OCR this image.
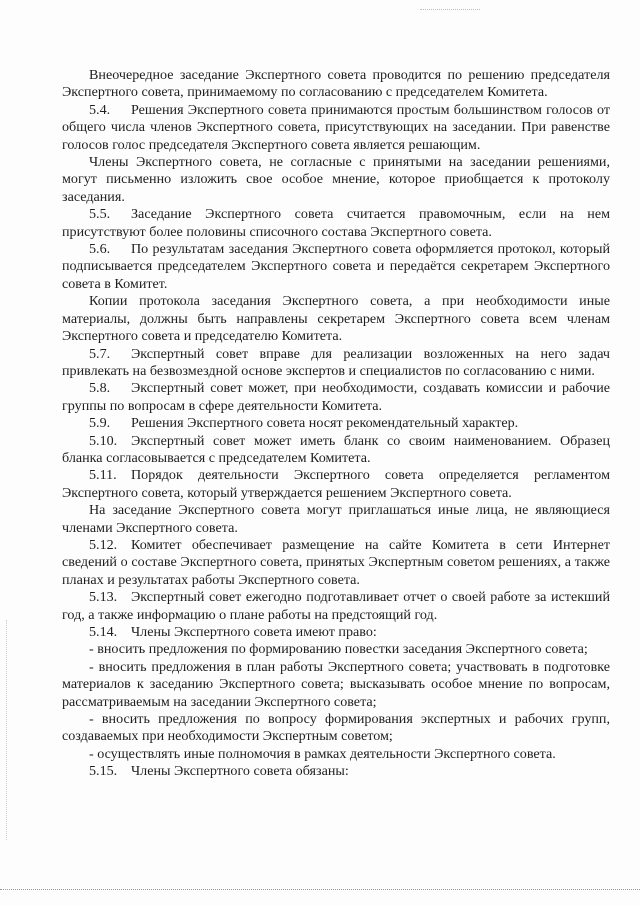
Внеочередное заседание Экспертного совета проводится по решению председателя Экспертного совета, принимаемому по согласованию с председателем Комитета.

5.4. Решения Экспертного совета принимаются простым большинством голосов от общего числа членов Экспертного совета, присутствующих на заседании. При равенстве голосов голос председателя Экспертного совета является решающим.

Члены Экспертного совета, не согласные с принятыми на заседании решениями, могут письменно изложить свое особое мнение, которое приобщается к протоколу заседания.

5.5. Заседание Экспертного совета считается правомочным, если на нем присутствуют более половины списочного состава Экспертного совета.

5.6. По результатам заседания Экспертного совета оформляется протокол, который подписывается председателем Экспертного совета и передаётся секретарем Экспертного совета в Комитет.

Копии протокола заседания Экспертного совета, а при необходимости иные материалы, должны быть направлены секретарем Экспертного совета всем членам Экспертного совета и председателю Комитета.

5.7. Экспертный совет вправе для реализации возложенных на него задач привлекать на безвозмездной основе экспертов и специалистов по согласованию с ними.

5.8. Экспертный совет может, при необходимости, создавать комиссии и рабочие группы по вопросам в сфере деятельности Комитета.

5.9. Решения Экспертного совета носят рекомендательный характер.

5.10. Экспертный совет может иметь бланк со своим наименованием. Образец бланка согласовывается с председателем Комитета.

5.11. Порядок деятельности Экспертного совета определяется регламентом Экспертного совета, который утверждается решением Экспертного совета.

На заседание Экспертного совета могут приглашаться иные лица, не являющиеся членами Экспертного совета.

5.12. Комитет обеспечивает размещение на сайте Комитета в сети Интернет сведений о составе Экспертного совета, принятых Экспертным советом решениях, а также планах и результатах работы Экспертного совета.

5.13. Экспертный совет ежегодно подготавливает отчет о своей работе за истекший год, а также информацию о плане работы на предстоящий год.

5.14. Члены Экспертного совета имеют право:

- вносить предложения по формированию повестки заседания Экспертного совета;

- вносить предложения в план работы Экспертного совета; участвовать в подготовке материалов к заседанию Экспертного совета; высказывать особое мнение по вопросам, рассматриваемым на заседании Экспертного совета;

- вносить предложения по вопросу формирования экспертных и рабочих групп, создаваемых при необходимости Экспертным советом;

- осуществлять иные полномочия в рамках деятельности Экспертного совета.

5.15. Члены Экспертного совета обязаны:
